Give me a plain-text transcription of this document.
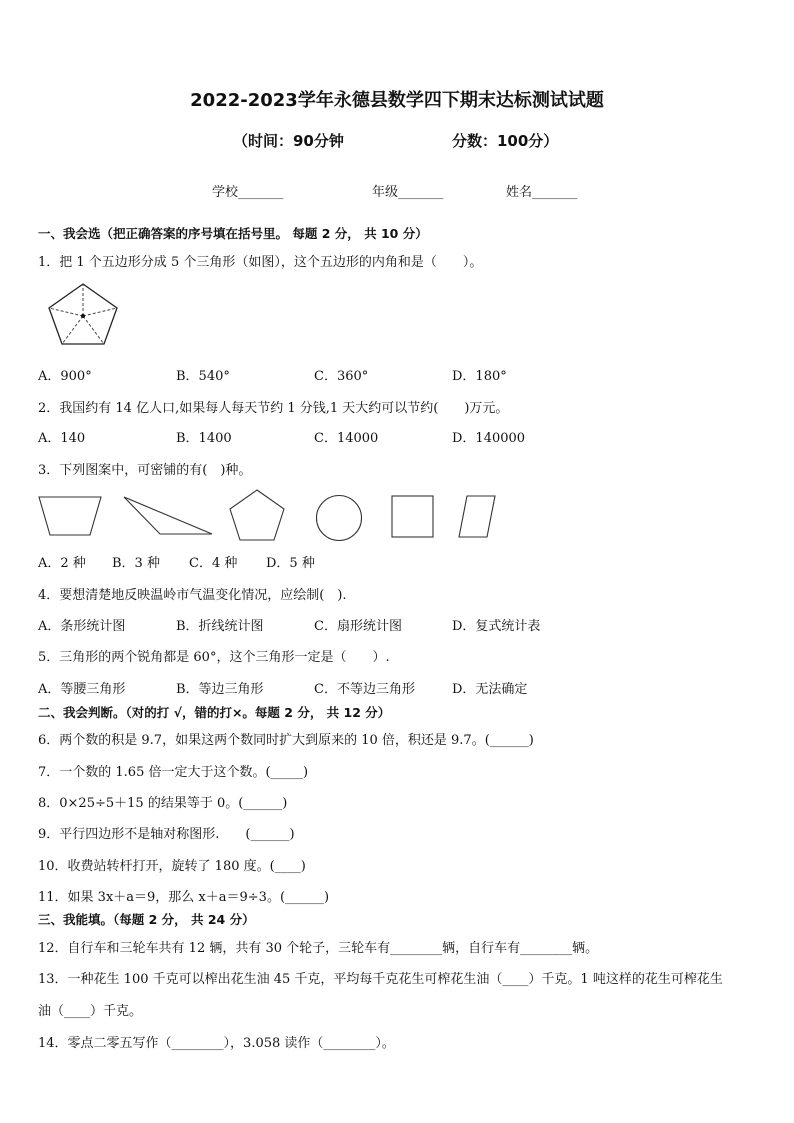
2022-2023学年永德县数学四下期末达标测试试题
（时间：90分钟	分数：100分）
学校_______	年级_______	姓名_______
一、我会选（把正确答案的序号填在括号里。 每题 2 分， 共 10 分）
1．把 1 个五边形分成 5 个三角形（如图），这个五边形的内角和是（　　）。
A．900°	B．540°	C．360°	D．180°
2．我国约有 14 亿人口,如果每人每天节约 1 分钱,1 天大约可以节约(　　)万元。
A．140	B．1400	C．14000	D．140000
3．下列图案中，可密铺的有(　)种。
A．2 种 B．3 种 C．4 种 D．5 种
4．要想清楚地反映温岭市气温变化情况，应绘制(　).
A．条形统计图	B．折线统计图	C．扇形统计图	D．复式统计表
5．三角形的两个锐角都是 60°，这个三角形一定是（　　）.
A．等腰三角形	B．等边三角形	C．不等边三角形	D．无法确定
二、我会判断。（对的打 √，错的打×。每题 2 分， 共 12 分）
6．两个数的积是 9.7，如果这两个数同时扩大到原来的 10 倍，积还是 9.7。(______)
7．一个数的 1.65 倍一定大于这个数。(_____)
8．0×25÷5＋15 的结果等于 0。(______)
9．平行四边形不是轴对称图形.　　(______)
10．收费站转杆打开，旋转了 180 度。(____)
11．如果 3x＋a＝9，那么 x＋a＝9÷3。(______)
三、我能填。（每题 2 分， 共 24 分）
12．自行车和三轮车共有 12 辆，共有 30 个轮子，三轮车有________辆，自行车有________辆。
13．一种花生 100 千克可以榨出花生油 45 千克，平均每千克花生可榨花生油（____）千克。1 吨这样的花生可榨花生
油（____）千克。
14．零点二零五写作（________），3.058 读作（________）。
